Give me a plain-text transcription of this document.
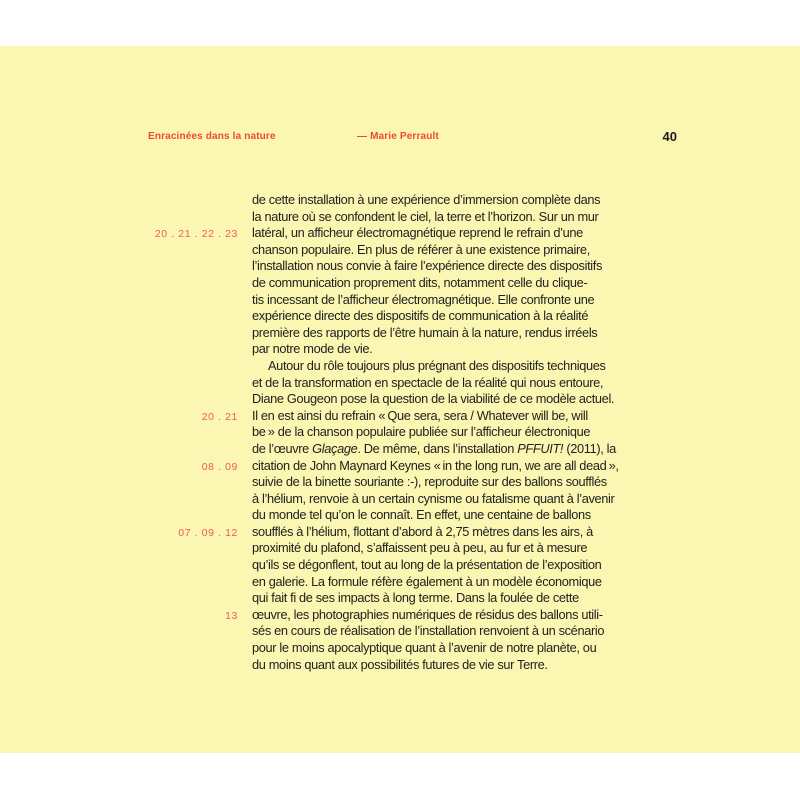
Enracinées dans la nature	— Marie Perrault	40
de cette installation à une expérience d’immersion complète dans
la nature où se confondent le ciel, la terre et l’horizon. Sur un mur
20 . 21 . 22 . 23	latéral, un afficheur électromagnétique reprend le refrain d’une
chanson populaire. En plus de référer à une existence primaire,
l’installation nous convie à faire l’expérience directe des dispositifs
de communication proprement dits, notamment celle du clique-
tis incessant de l’afficheur électromagnétique. Elle confronte une
expérience directe des dispositifs de communication à la réalité
première des rapports de l’être humain à la nature, rendus irréels
par notre mode de vie.
Autour du rôle toujours plus prégnant des dispositifs techniques
et de la transformation en spectacle de la réalité qui nous entoure,
Diane Gougeon pose la question de la viabilité de ce modèle actuel.
20 . 21	Il en est ainsi du refrain « Que sera, sera / Whatever will be, will
be » de la chanson populaire publiée sur l’afficheur électronique
de l’œuvre Glaçage. De même, dans l’installation PFFUIT! (2011), la
08 . 09	citation de John Maynard Keynes « in the long run, we are all dead »,
suivie de la binette souriante :-), reproduite sur des ballons soufflés
à l’hélium, renvoie à un certain cynisme ou fatalisme quant à l’avenir
du monde tel qu’on le connaît. En effet, une centaine de ballons
07 . 09 . 12	soufflés à l’hélium, flottant d’abord à 2,75 mètres dans les airs, à
proximité du plafond, s’affaissent peu à peu, au fur et à mesure
qu’ils se dégonflent, tout au long de la présentation de l’exposition
en galerie. La formule réfère également à un modèle économique
qui fait fi de ses impacts à long terme. Dans la foulée de cette
13	œuvre, les photographies numériques de résidus des ballons utili-
sés en cours de réalisation de l’installation renvoient à un scénario
pour le moins apocalyptique quant à l’avenir de notre planète, ou
du moins quant aux possibilités futures de vie sur Terre.
